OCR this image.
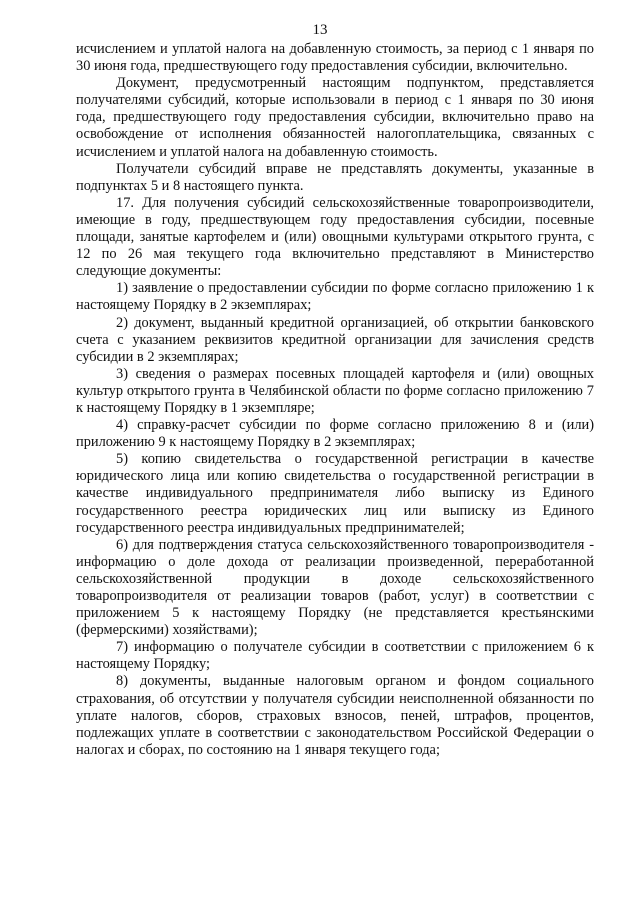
13

исчислением и уплатой налога на добавленную стоимость, за период с 1 января по 30 июня года, предшествующего году предоставления субсидии, включительно.

Документ, предусмотренный настоящим подпунктом, представляется получателями субсидий, которые использовали в период с 1 января по 30 июня года, предшествующего году предоставления субсидии, включительно право на освобождение от исполнения обязанностей налогоплательщика, связанных с исчислением и уплатой налога на добавленную стоимость.

Получатели субсидий вправе не представлять документы, указанные в подпунктах 5 и 8 настоящего пункта.

17. Для получения субсидий сельскохозяйственные товаропроизводители, имеющие в году, предшествующем году предоставления субсидии, посевные площади, занятые картофелем и (или) овощными культурами открытого грунта, с 12 по 26 мая текущего года включительно представляют в Министерство следующие документы:

1) заявление о предоставлении субсидии по форме согласно приложению 1 к настоящему Порядку в 2 экземплярах;

2) документ, выданный кредитной организацией, об открытии банковского счета с указанием реквизитов кредитной организации для зачисления средств субсидии в 2 экземплярах;

3) сведения о размерах посевных площадей картофеля и (или) овощных культур открытого грунта в Челябинской области по форме согласно приложению 7 к настоящему Порядку в 1 экземпляре;

4) справку-расчет субсидии по форме согласно приложению 8 и (или) приложению 9 к настоящему Порядку в 2 экземплярах;

5) копию свидетельства о государственной регистрации в качестве юридического лица или копию свидетельства о государственной регистрации в качестве индивидуального предпринимателя либо выписку из Единого государственного реестра юридических лиц или выписку из Единого государственного реестра индивидуальных предпринимателей;

6) для подтверждения статуса сельскохозяйственного товаропроизводителя - информацию о доле дохода от реализации произведенной, переработанной сельскохозяйственной продукции в доходе сельскохозяйственного товаропроизводителя от реализации товаров (работ, услуг) в соответствии с приложением 5 к настоящему Порядку (не представляется крестьянскими (фермерскими) хозяйствами);

7) информацию о получателе субсидии в соответствии с приложением 6 к настоящему Порядку;

8) документы, выданные налоговым органом и фондом социального страхования, об отсутствии у получателя субсидии неисполненной обязанности по уплате налогов, сборов, страховых взносов, пеней, штрафов, процентов, подлежащих уплате в соответствии с законодательством Российской Федерации о налогах и сборах, по состоянию на 1 января текущего года;
